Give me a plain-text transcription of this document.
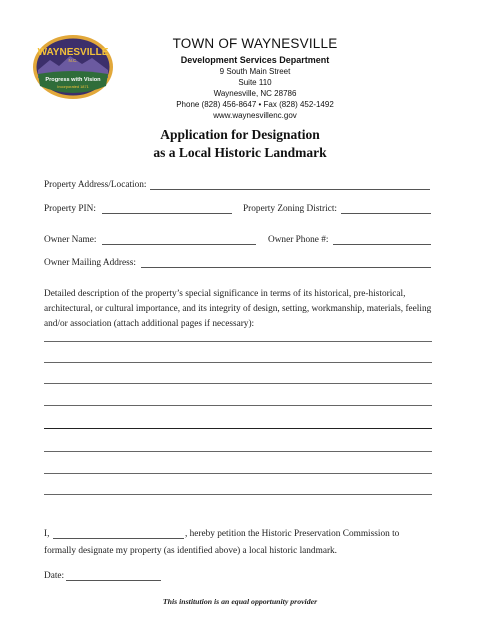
WAYNESVILLE
N.C.
Progress with Vision
Incorporated 1871
TOWN OF WAYNESVILLE
Development Services Department
9 South Main Street
Suite 110
Waynesville, NC 28786
Phone (828) 456-8647 • Fax (828) 452-1492
www.waynesvillenc.gov
Application for Designation
as a Local Historic Landmark
Property Address/Location:
Property PIN:	Property Zoning District:
Owner Name:	Owner Phone #:
Owner Mailing Address:
Detailed description of the property’s special significance in terms of its historical, pre-historical, architectural, or cultural importance, and its integrity of design, setting, workmanship, materials, feeling and/or association (attach additional pages if necessary):
I,	, hereby petition the Historic Preservation Commission to
formally designate my property (as identified above) a local historic landmark.
Date:
This institution is an equal opportunity provider
